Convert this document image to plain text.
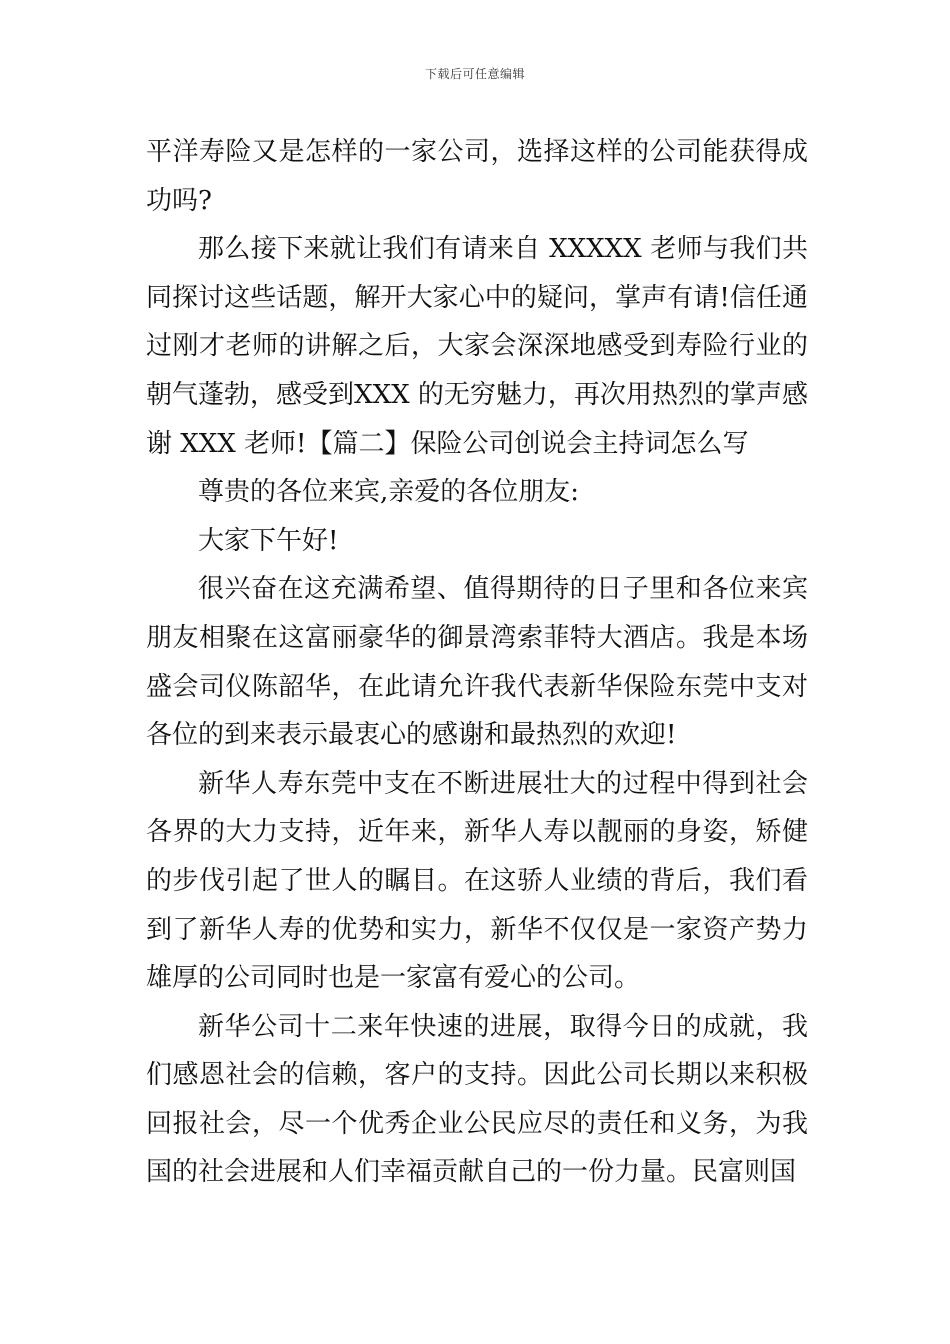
下载后可任意编辑

平洋寿险又是怎样的一家公司，选择这样的公司能获得成功吗?

那么接下来就让我们有请来自 XXXXX 老师与我们共同探讨这些话题，解开大家心中的疑问，掌声有请!信任通过刚才老师的讲解之后，大家会深深地感受到寿险行业的朝气蓬勃，感受到XXX 的无穷魅力，再次用热烈的掌声感谢 XXX 老师!【篇二】保险公司创说会主持词怎么写

尊贵的各位来宾,亲爱的各位朋友:

大家下午好!

很兴奋在这充满希望、值得期待的日子里和各位来宾朋友相聚在这富丽豪华的御景湾索菲特大酒店。我是本场盛会司仪陈韶华，在此请允许我代表新华保险东莞中支对各位的到来表示最衷心的感谢和最热烈的欢迎!

新华人寿东莞中支在不断进展壮大的过程中得到社会各界的大力支持，近年来，新华人寿以靓丽的身姿，矫健的步伐引起了世人的瞩目。在这骄人业绩的背后，我们看到了新华人寿的优势和实力，新华不仅仅是一家资产势力雄厚的公司同时也是一家富有爱心的公司。

新华公司十二来年快速的进展，取得今日的成就，我们感恩社会的信赖，客户的支持。因此公司长期以来积极回报社会，尽一个优秀企业公民应尽的责任和义务，为我国的社会进展和人们幸福贡献自己的一份力量。民富则国
